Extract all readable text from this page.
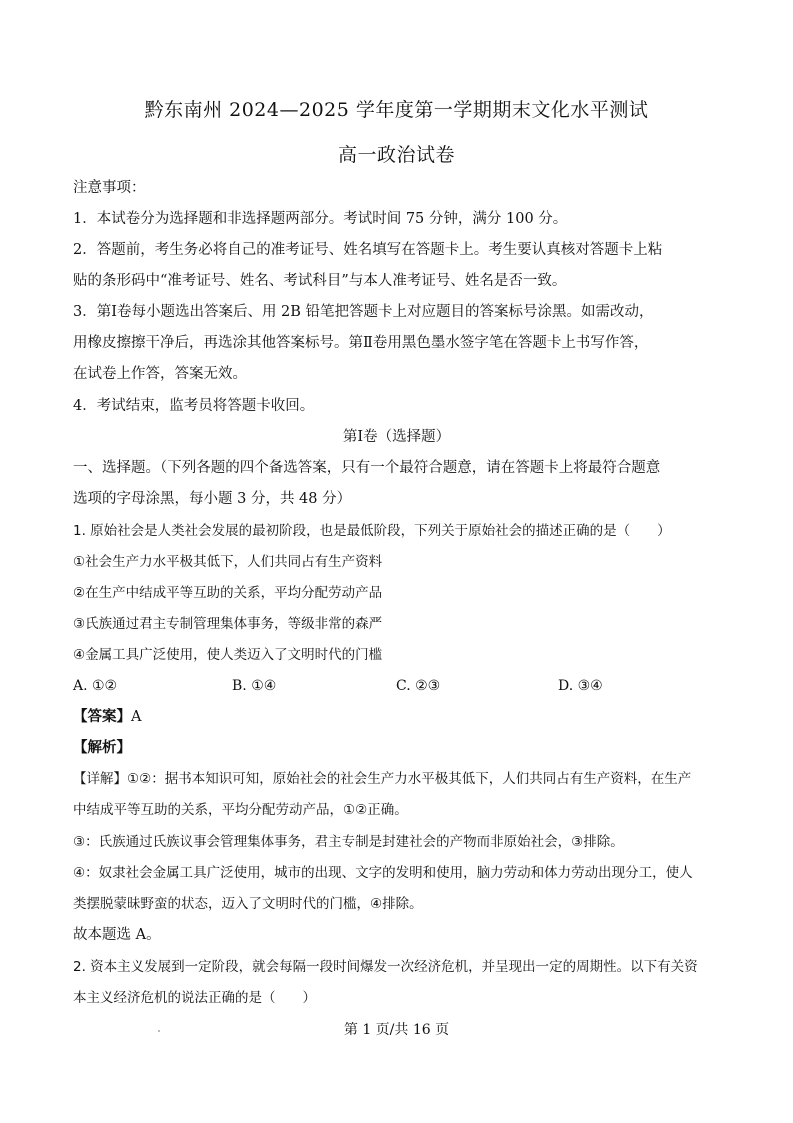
黔东南州 2024—2025 学年度第一学期期末文化水平测试
高一政治试卷
注意事项：
1．本试卷分为选择题和非选择题两部分。考试时间 75 分钟，满分 100 分。
2．答题前，考生务必将自己的准考证号、姓名填写在答题卡上。考生要认真核对答题卡上粘
贴的条形码中“准考证号、姓名、考试科目”与本人准考证号、姓名是否一致。
3．第Ⅰ卷每小题选出答案后、用 2B 铅笔把答题卡上对应题目的答案标号涂黑。如需改动，
用橡皮擦擦干净后，再选涂其他答案标号。第Ⅱ卷用黑色墨水签字笔在答题卡上书写作答，
在试卷上作答，答案无效。
4．考试结束，监考员将答题卡收回。
第Ⅰ卷（选择题）
一、选择题。（下列各题的四个备选答案，只有一个最符合题意，请在答题卡上将最符合题意
选项的字母涂黑，每小题 3 分，共 48 分）
1. 原始社会是人类社会发展的最初阶段，也是最低阶段，下列关于原始社会的描述正确的是（　　）
①社会生产力水平极其低下，人们共同占有生产资料
②在生产中结成平等互助的关系，平均分配劳动产品
③氏族通过君主专制管理集体事务，等级非常的森严
④金属工具广泛使用，使人类迈入了文明时代的门槛
A. ①②	B. ①④	C. ②③	D. ③④
【答案】A
【解析】
【详解】①②：据书本知识可知，原始社会的社会生产力水平极其低下，人们共同占有生产资料，在生产
中结成平等互助的关系，平均分配劳动产品，①②正确。
③：氏族通过氏族议事会管理集体事务，君主专制是封建社会的产物而非原始社会，③排除。
④：奴隶社会金属工具广泛使用，城市的出现、文字的发明和使用，脑力劳动和体力劳动出现分工，使人
类摆脱蒙昧野蛮的状态，迈入了文明时代的门槛，④排除。
故本题选 A。
2. 资本主义发展到一定阶段，就会每隔一段时间爆发一次经济危机，并呈现出一定的周期性。以下有关资
本主义经济危机的说法正确的是（　　）
第 1 页/共 16 页
